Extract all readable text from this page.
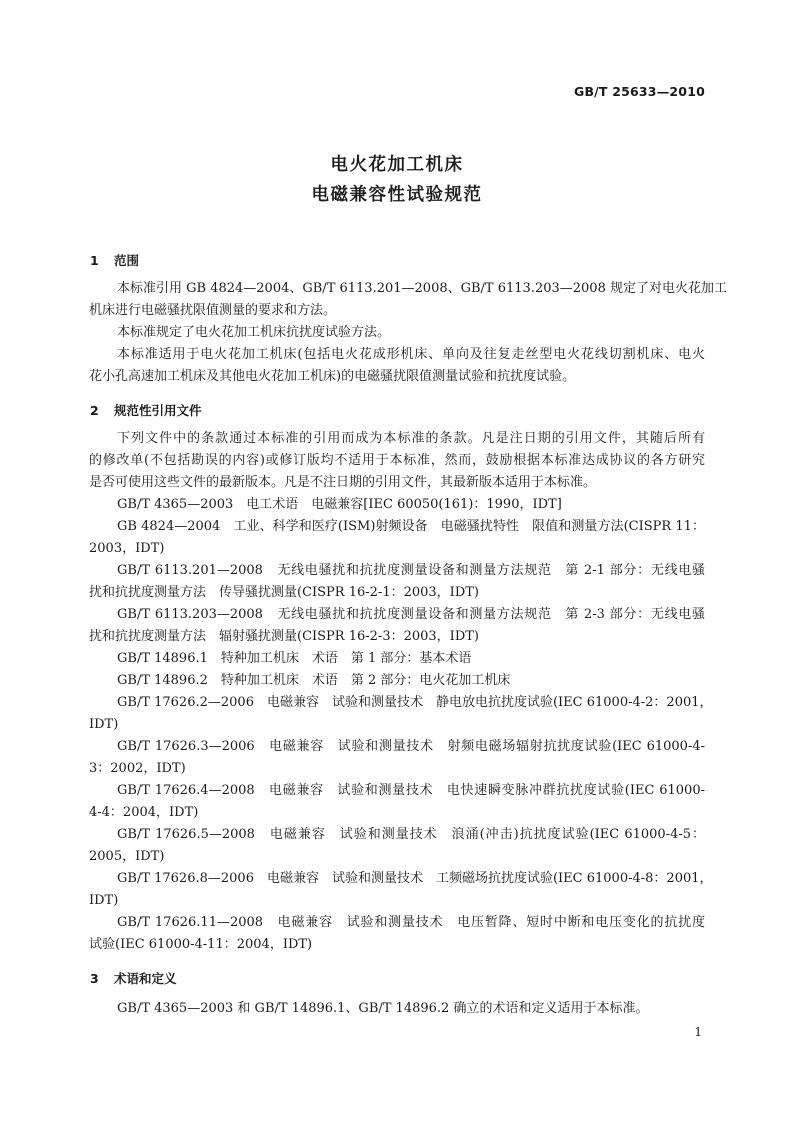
GB/T 25633—2010
电火花加工机床
电磁兼容性试验规范
1 范围
本标准引用 GB 4824—2004、GB/T 6113.201—2008、GB/T 6113.203—2008 规定了对电火花加工
机床进行电磁骚扰限值测量的要求和方法。
本标准规定了电火花加工机床抗扰度试验方法。
本标准适用于电火花加工机床(包括电火花成形机床、单向及往复走丝型电火花线切割机床、电火
花小孔高速加工机床及其他电火花加工机床)的电磁骚扰限值测量试验和抗扰度试验。
2 规范性引用文件
下列文件中的条款通过本标准的引用而成为本标准的条款。凡是注日期的引用文件，其随后所有
的修改单(不包括勘误的内容)或修订版均不适用于本标准，然而，鼓励根据本标准达成协议的各方研究
是否可使用这些文件的最新版本。凡是不注日期的引用文件，其最新版本适用于本标准。
GB/T 4365—2003　电工术语　电磁兼容[IEC 60050(161)：1990，IDT]
GB 4824—2004　工业、科学和医疗(ISM)射频设备　电磁骚扰特性　限值和测量方法(CISPR 11：
2003，IDT)
GB/T 6113.201—2008　无线电骚扰和抗扰度测量设备和测量方法规范　第 2-1 部分：无线电骚
扰和抗扰度测量方法　传导骚扰测量(CISPR 16-2-1：2003，IDT)
GB/T 6113.203—2008　无线电骚扰和抗扰度测量设备和测量方法规范　第 2-3 部分：无线电骚
扰和抗扰度测量方法　辐射骚扰测量(CISPR 16-2-3：2003，IDT)
GB/T 14896.1　特种加工机床　术语　第 1 部分：基本术语
GB/T 14896.2　特种加工机床　术语　第 2 部分：电火花加工机床
GB/T 17626.2—2006　电磁兼容　试验和测量技术　静电放电抗扰度试验(IEC 61000-4-2：2001，
IDT)
GB/T 17626.3—2006　电磁兼容　试验和测量技术　射频电磁场辐射抗扰度试验(IEC 61000-4-
3：2002，IDT)
GB/T 17626.4—2008　电磁兼容　试验和测量技术　电快速瞬变脉冲群抗扰度试验(IEC 61000-
4-4：2004，IDT)
GB/T 17626.5—2008　电磁兼容　试验和测量技术　浪涌(冲击)抗扰度试验(IEC 61000-4-5：
2005，IDT)
GB/T 17626.8—2006　电磁兼容　试验和测量技术　工频磁场抗扰度试验(IEC 61000-4-8：2001，
IDT)
GB/T 17626.11—2008　电磁兼容　试验和测量技术　电压暂降、短时中断和电压变化的抗扰度
试验(IEC 61000-4-11：2004，IDT)
3 术语和定义
GB/T 4365—2003 和 GB/T 14896.1、GB/T 14896.2 确立的术语和定义适用于本标准。
1
